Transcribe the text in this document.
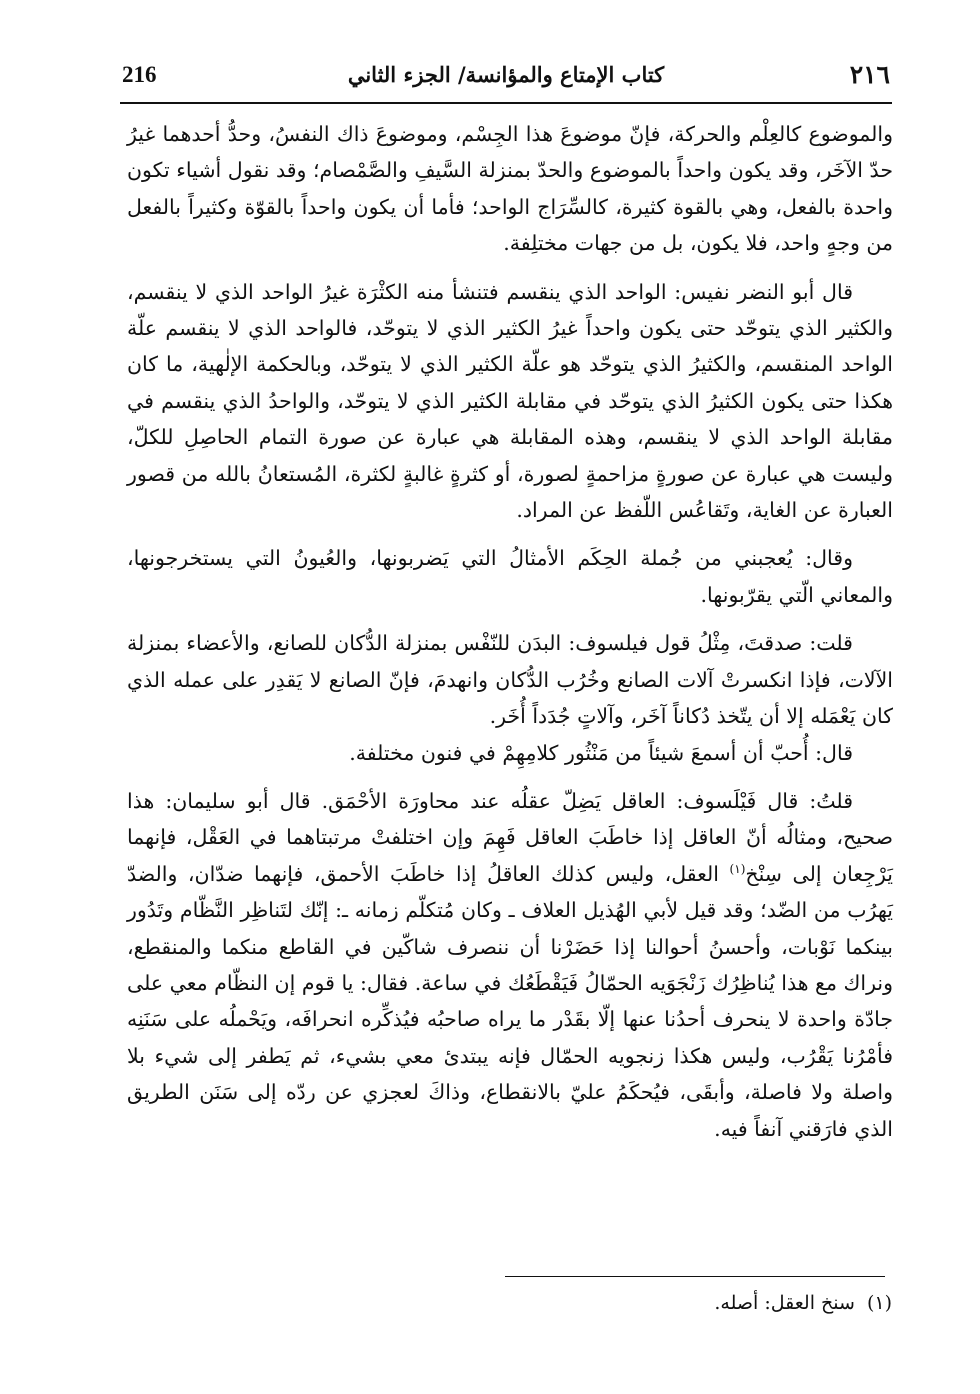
216	كتاب الإمتاع والمؤانسة/ الجزء الثاني	٢١٦

والموضوع كالعِلْم والحركة، فإنّ موضوعَ هذا الجِسْم، وموضوعَ ذاك النفسُ، وحدُّ أحدهما غيرُ حدّ الآخَر، وقد يكون واحداً بالموضوع والحدّ بمنزلة السَّيفِ والصَّمْصام؛ وقد نقول أشياء تكون واحدة بالفعل، وهي بالقوة كثيرة، كالسِّرَاج الواحد؛ فأما أن يكون واحداً بالقوّة وكثيراً بالفعل من وجهٍ واحد، فلا يكون، بل من جهات مختلِفة.

قال أبو النضر نفيس: الواحد الذي ينقسم فتنشأ منه الكثْرَة غيرُ الواحد الذي لا ينقسم، والكثير الذي يتوحّد حتى يكون واحداً غيرُ الكثير الذي لا يتوحّد، فالواحد الذي لا ينقسم علّة الواحد المنقسم، والكثيرُ الذي يتوحّد هو علّة الكثير الذي لا يتوحّد، وبالحكمة الإلٰهية، ما كان هكذا حتى يكون الكثيرُ الذي يتوحّد في مقابلة الكثير الذي لا يتوحّد، والواحدُ الذي ينقسم في مقابلة الواحد الذي لا ينقسم، وهذه المقابلة هي عبارة عن صورة التمام الحاصِلِ للكلّ، وليست هي عبارة عن صورةٍ مزاحمةٍ لصورة، أو كثرةٍ غالبةٍ لكثرة، المُستعانُ بالله من قصور العبارة عن الغاية، وتَقاعُس اللّفظ عن المراد.

وقال: يُعجبني من جُملة الحِكَم الأمثالُ التي يَضربونها، والعُيونُ التي يستخرجونها، والمعاني الّتي يقرّبونها.

قلت: صدقتَ، مِثْلُ قول فيلسوف: البدَن للنّفْس بمنزلة الدُّكان للصانع، والأعضاء بمنزلة الآلات، فإذا انكسرتْ آلات الصانع وخُرُب الدُّكان وانهدمَ، فإنّ الصانع لا يَقدِر على عمله الذي كان يَعْمَله إلا أن يتّخذ دُكاناً آخَر، وآلاتٍ جُدَداً أُخَر.

قال: أُحبّ أن أسمعَ شيئاً من مَنْثُور كلامِهِمْ في فنون مختلفة.

قلتُ: قال فَيْلَسوف: العاقل يَضِلّ عقلُه عند محاورَة الأحْمَق. قال أبو سليمان: هذا صحيح، ومثالُه أنّ العاقل إذا خاطَبَ العاقل فَهِمَ وإن اختلفتْ مرتبتاهما في العَقْل، فإنهما يَرْجِعان إلى سِنْخ$^{(١)}$ العقل، وليس كذلك العاقلُ إذا خاطَبَ الأحمق، فإنهما ضدّان، والضدّ يَهرُب من الضّد؛ وقد قيل لأبي الهُذيل العلاف ـ وكان مُتكلّم زمانه ـ: إنّك لتَناظِر النَّظّام وتَدُور بينكما نَوْبات، وأحسنُ أحوالنا إذا حَضَرْنا أن ننصرف شاكّين في القاطع منكما والمنقطع، ونراك مع هذا يُناظِرُك زَنْجَوَيه الحمّالُ فَيَقْطَعُك في ساعة. فقال: يا قوم إن النظّام معي على جادّة واحدة لا ينحرف أحدُنا عنها إلّا بقَدْر ما يراه صاحبُه فيُذكِّره انحرافَه، ويَحْملُه على سَنَنِه فأمْرُنا يَقْرُب، وليس هكذا زنجويه الحمّال فإنه يبتدئ معي بشيء، ثم يَطفر إلى شيء بلا واصلة ولا فاصلة، وأبقَى، فيُحكَمُ عليّ بالانقطاع، وذاكَ لعجزي عن ردّه إلى سَنَن الطريق الذي فارَقني آنفاً فيه.

(١)سنخ العقل: أصله.
